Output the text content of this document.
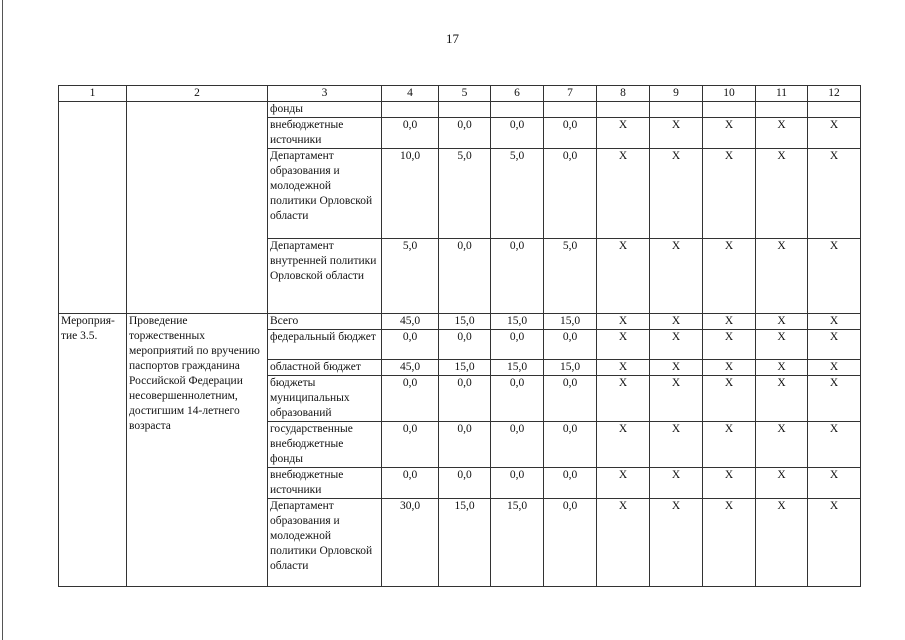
17
1	2	3	4	5	6	7	8	9	10	11	12
		фонды									
		внебюджетные источники	0,0	0,0	0,0	0,0	X	X	X	X	X
		Департамент образования и молодежной политики Орловской области	10,0	5,0	5,0	0,0	X	X	X	X	X
		Департамент внутренней политики Орловской области	5,0	0,0	0,0	5,0	X	X	X	X	X
Мероприя-тие 3.5.	Проведение торжественных мероприятий по вручению паспортов гражданина Российской Федерации несовершеннолетним, достигшим 14-летнего возраста	Всего	45,0	15,0	15,0	15,0	X	X	X	X	X
		федеральный бюджет	0,0	0,0	0,0	0,0	X	X	X	X	X
		областной бюджет	45,0	15,0	15,0	15,0	X	X	X	X	X
		бюджеты муниципальных образований	0,0	0,0	0,0	0,0	X	X	X	X	X
		государственные внебюджетные фонды	0,0	0,0	0,0	0,0	X	X	X	X	X
		внебюджетные источники	0,0	0,0	0,0	0,0	X	X	X	X	X
		Департамент образования и молодежной политики Орловской области	30,0	15,0	15,0	0,0	X	X	X	X	X
